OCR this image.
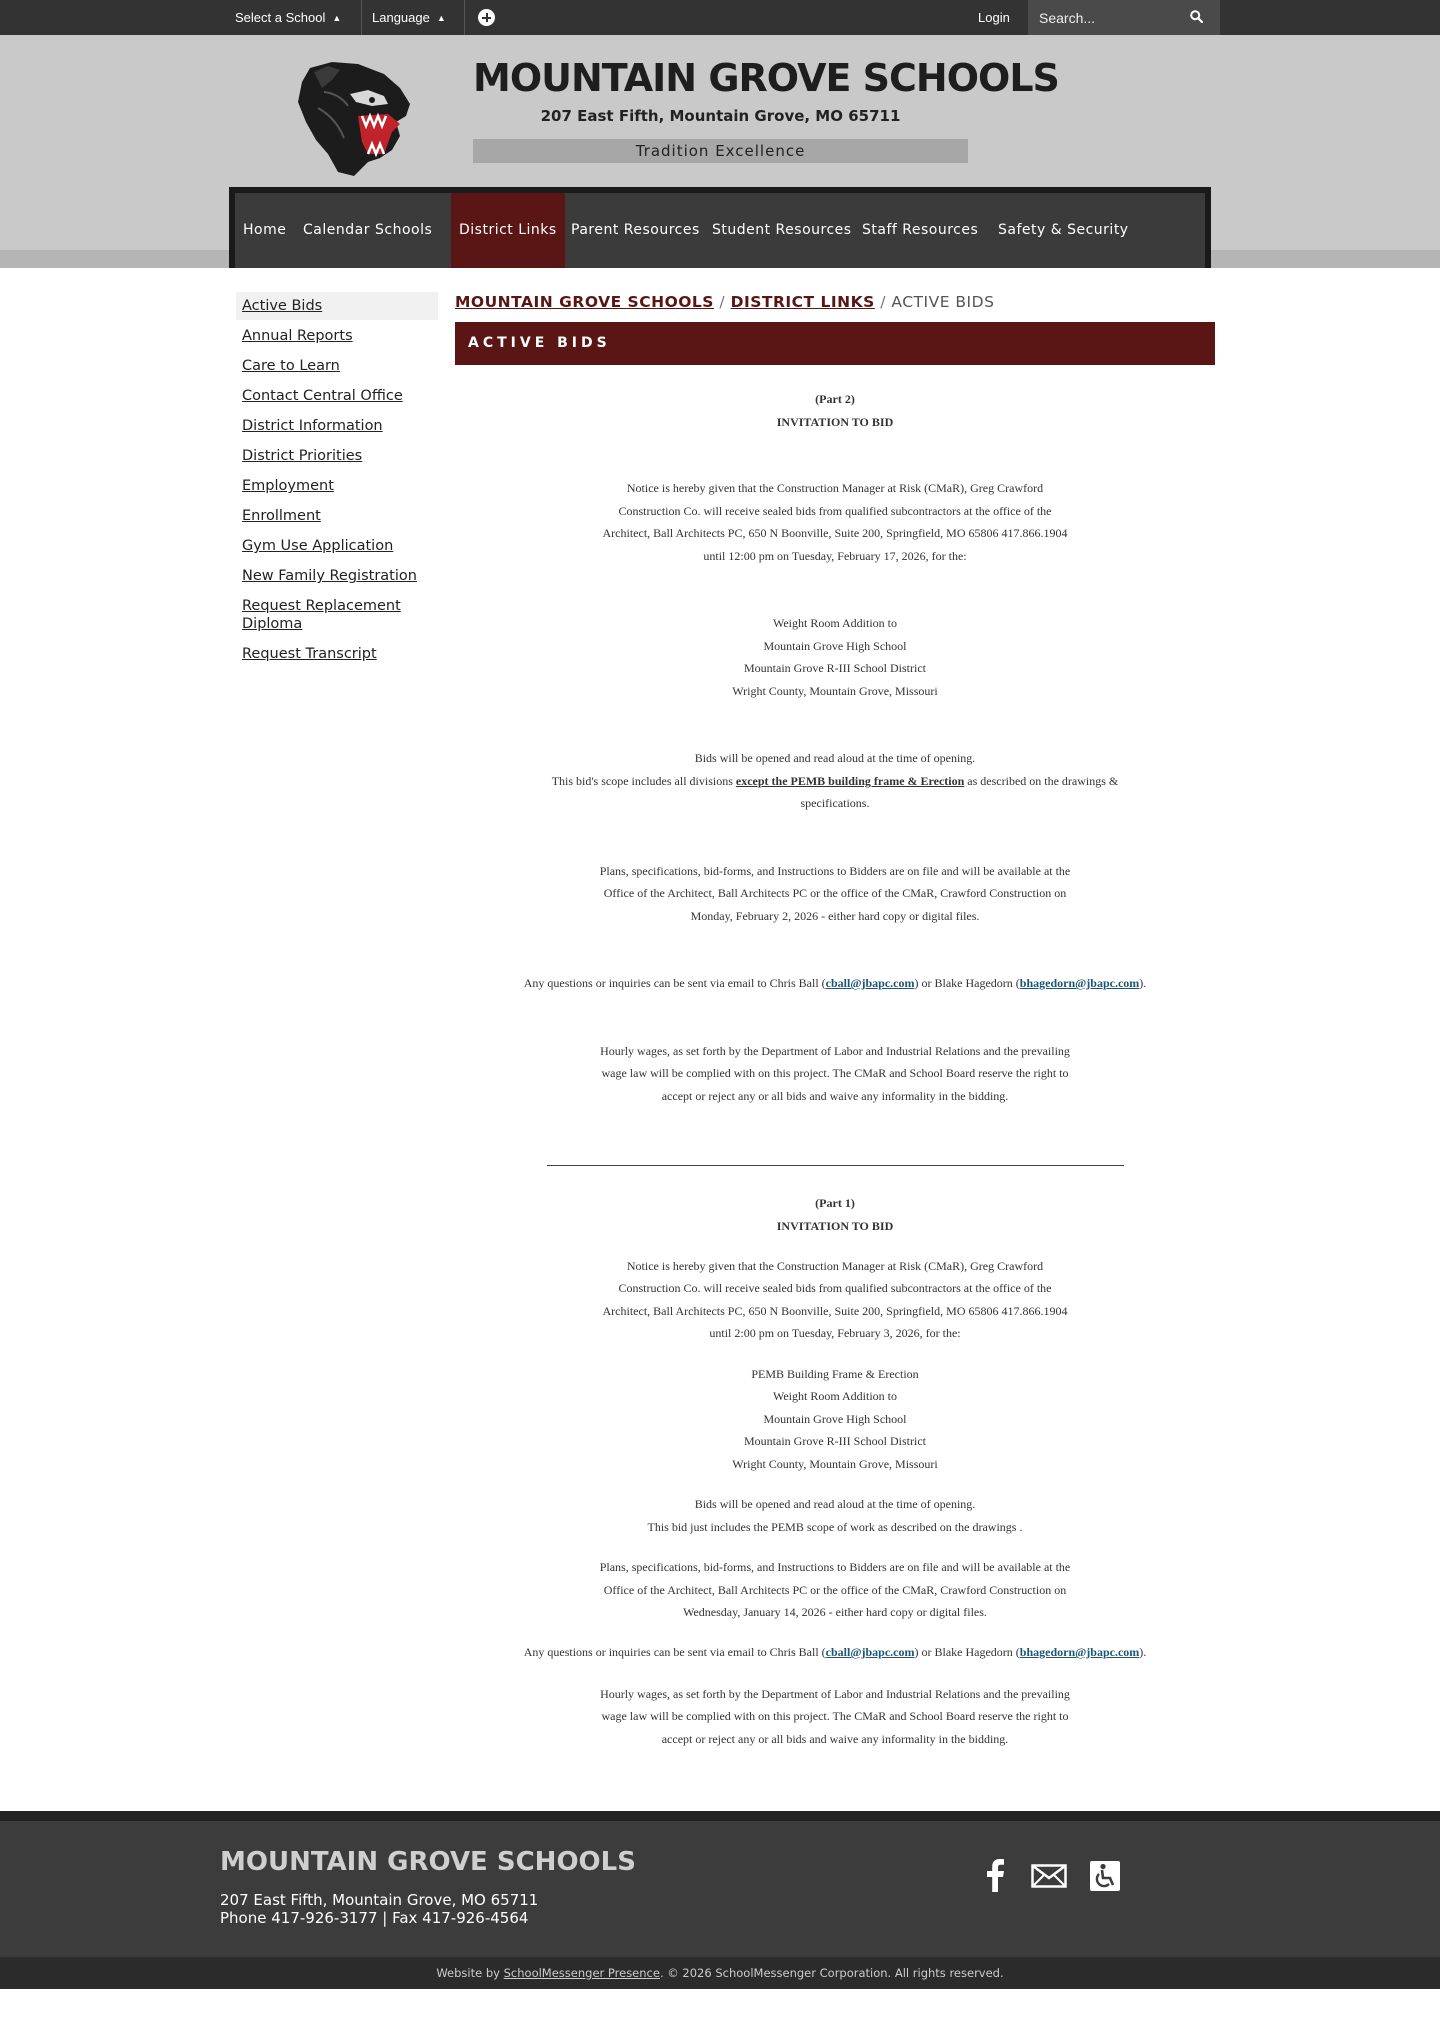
Select a School ▲ Language ▲	Login
Search...
MOUNTAIN GROVE SCHOOLS
207 East Fifth, Mountain Grove, MO 65711
Tradition Excellence
Home	Calendar Schools	District Links	Parent Resources Student Resources Staff Resources	Safety & Security
Active Bids
Annual Reports
Care to Learn
Contact Central Office
District Information
District Priorities
Employment
Enrollment
Gym Use Application
New Family Registration
Request Replacement Diploma
Request Transcript
MOUNTAIN GROVE SCHOOLS / DISTRICT LINKS / ACTIVE BIDS
ACTIVE BIDS
(Part 2)
INVITATION TO BID
Notice is hereby given that the Construction Manager at Risk (CMaR), Greg Crawford
Construction Co. will receive sealed bids from qualified subcontractors at the office of the
Architect, Ball Architects PC, 650 N Boonville, Suite 200, Springfield, MO 65806 417.866.1904
until 12:00 pm on Tuesday, February 17, 2026, for the:
Weight Room Addition to
Mountain Grove High School
Mountain Grove R-III School District
Wright County, Mountain Grove, Missouri
Bids will be opened and read aloud at the time of opening.
This bid's scope includes all divisions except the PEMB building frame & Erection as described on the drawings &
specifications.
Plans, specifications, bid-forms, and Instructions to Bidders are on file and will be available at the
Office of the Architect, Ball Architects PC or the office of the CMaR, Crawford Construction on
Monday, February 2, 2026 - either hard copy or digital files.
Any questions or inquiries can be sent via email to Chris Ball (cball@jbapc.com) or Blake Hagedorn (bhagedorn@jbapc.com).
Hourly wages, as set forth by the Department of Labor and Industrial Relations and the prevailing
wage law will be complied with on this project. The CMaR and School Board reserve the right to
accept or reject any or all bids and waive any informality in the bidding.
(Part 1)
INVITATION TO BID
Notice is hereby given that the Construction Manager at Risk (CMaR), Greg Crawford
Construction Co. will receive sealed bids from qualified subcontractors at the office of the
Architect, Ball Architects PC, 650 N Boonville, Suite 200, Springfield, MO 65806 417.866.1904
until 2:00 pm on Tuesday, February 3, 2026, for the:
PEMB Building Frame & Erection
Weight Room Addition to
Mountain Grove High School
Mountain Grove R-III School District
Wright County, Mountain Grove, Missouri
Bids will be opened and read aloud at the time of opening.
This bid just includes the PEMB scope of work as described on the drawings .
Plans, specifications, bid-forms, and Instructions to Bidders are on file and will be available at the
Office of the Architect, Ball Architects PC or the office of the CMaR, Crawford Construction on
Wednesday, January 14, 2026 - either hard copy or digital files.
Any questions or inquiries can be sent via email to Chris Ball (cball@jbapc.com) or Blake Hagedorn (bhagedorn@jbapc.com).
Hourly wages, as set forth by the Department of Labor and Industrial Relations and the prevailing
wage law will be complied with on this project. The CMaR and School Board reserve the right to
accept or reject any or all bids and waive any informality in the bidding.
MOUNTAIN GROVE SCHOOLS
207 East Fifth, Mountain Grove, MO 65711
Phone 417-926-3177 | Fax 417-926-4564
Website by SchoolMessenger Presence. © 2026 SchoolMessenger Corporation. All rights reserved.
